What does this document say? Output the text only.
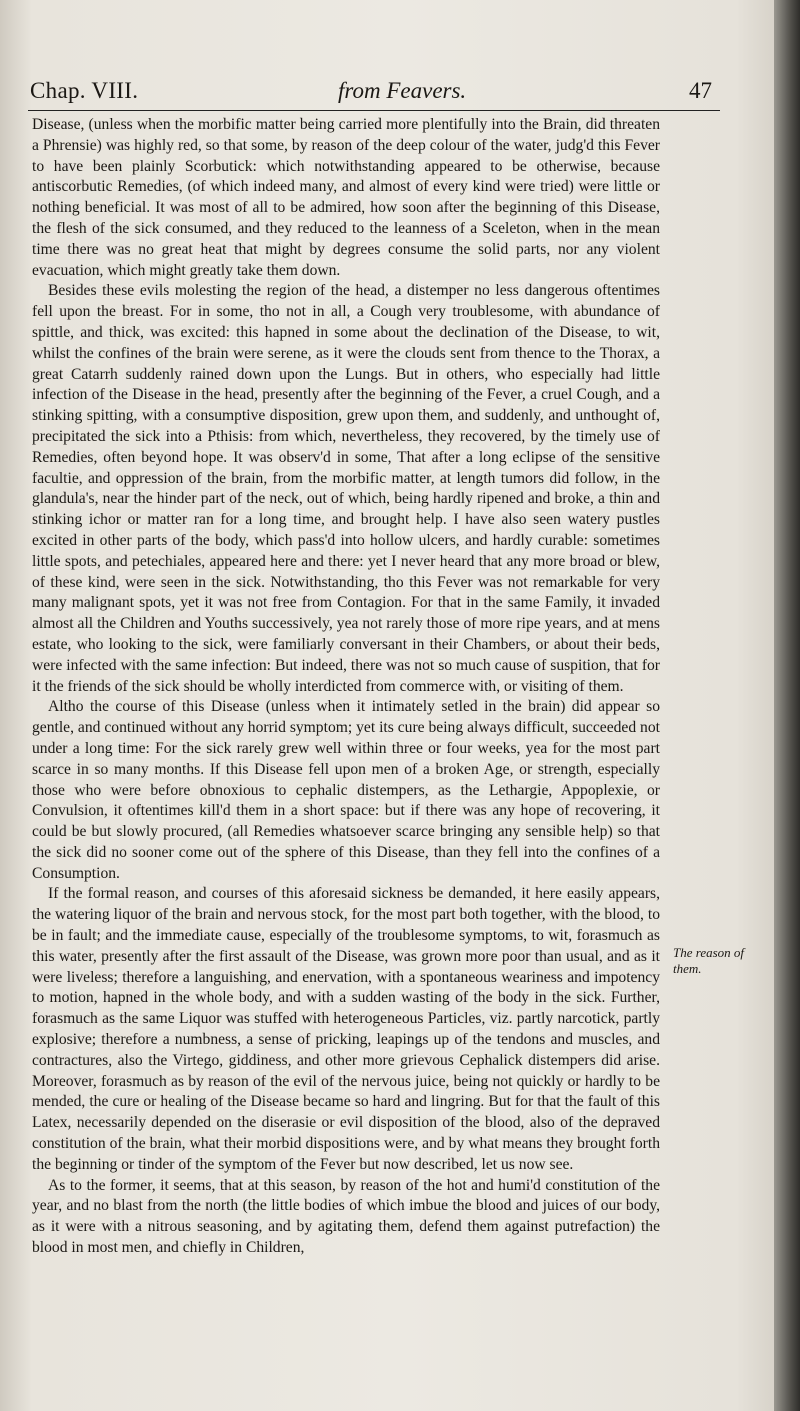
Chap. VIII.	from Feavers.	47

Disease, (unless when the morbific matter being carried more plentifully into the Brain, did threaten a Phrensie) was highly red, so that some, by reason of the deep colour of the water, judg'd this Fever to have been plainly Scorbutick: which notwithstanding appeared to be otherwise, because antiscorbutic Remedies, (of which indeed many, and almost of every kind were tried) were little or nothing beneficial. It was most of all to be admired, how soon after the beginning of this Disease, the flesh of the sick consumed, and they reduced to the leanness of a Sceleton, when in the mean time there was no great heat that might by degrees consume the solid parts, nor any violent evacuation, which might greatly take them down.

Besides these evils molesting the region of the head, a distemper no less dangerous oftentimes fell upon the breast. For in some, tho not in all, a Cough very troublesome, with abundance of spittle, and thick, was excited: this hapned in some about the declination of the Disease, to wit, whilst the confines of the brain were serene, as it were the clouds sent from thence to the Thorax, a great Catarrh suddenly rained down upon the Lungs. But in others, who especially had little infection of the Disease in the head, presently after the beginning of the Fever, a cruel Cough, and a stinking spitting, with a consumptive disposition, grew upon them, and suddenly, and unthought of, precipitated the sick into a Pthisis: from which, nevertheless, they recovered, by the timely use of Remedies, often beyond hope. It was observ'd in some, That after a long eclipse of the sensitive facultie, and oppression of the brain, from the morbific matter, at length tumors did follow, in the glandula's, near the hinder part of the neck, out of which, being hardly ripened and broke, a thin and stinking ichor or matter ran for a long time, and brought help. I have also seen watery pustles excited in other parts of the body, which pass'd into hollow ulcers, and hardly curable: sometimes little spots, and petechiales, appeared here and there: yet I never heard that any more broad or blew, of these kind, were seen in the sick. Notwithstanding, tho this Fever was not remarkable for very many malignant spots, yet it was not free from Contagion. For that in the same Family, it invaded almost all the Children and Youths successively, yea not rarely those of more ripe years, and at mens estate, who looking to the sick, were familiarly conversant in their Chambers, or about their beds, were infected with the same infection: But indeed, there was not so much cause of suspition, that for it the friends of the sick should be wholly interdicted from commerce with, or visiting of them.

Altho the course of this Disease (unless when it intimately setled in the brain) did appear so gentle, and continued without any horrid symptom; yet its cure being always difficult, succeeded not under a long time: For the sick rarely grew well within three or four weeks, yea for the most part scarce in so many months. If this Disease fell upon men of a broken Age, or strength, especially those who were before obnoxious to cephalic distempers, as the Lethargie, Appoplexie, or Convulsion, it oftentimes kill'd them in a short space: but if there was any hope of recovering, it could be but slowly procured, (all Remedies whatsoever scarce bringing any sensible help) so that the sick did no sooner come out of the sphere of this Disease, than they fell into the confines of a Consumption.

If the formal reason, and courses of this aforesaid sickness be demanded, it here easily appears, the watering liquor of the brain and nervous stock, for the most part both together, with the blood, to be in fault; and the immediate cause, especially of the troublesome symptoms, to wit, forasmuch as this water, presently after the first assault of the Disease, was grown more poor than usual, and as it were liveless; therefore a languishing, and enervation, with a spontaneous weariness and impotency to motion, hapned in the whole body, and with a sudden wasting of the body in the sick. Further, forasmuch as the same Liquor was stuffed with heterogeneous Particles, viz. partly narcotick, partly explosive; therefore a numbness, a sense of pricking, leapings up of the tendons and muscles, and contractures, also the Virtego, giddiness, and other more grievous Cephalick distempers did arise. Moreover, forasmuch as by reason of the evil of the nervous juice, being not quickly or hardly to be mended, the cure or healing of the Disease became so hard and lingring. But for that the fault of this Latex, necessarily depended on the diserasie or evil disposition of the blood, also of the depraved constitution of the brain, what their morbid dispositions were, and by what means they brought forth the beginning or tinder of the symptom of the Fever but now described, let us now see.

As to the former, it seems, that at this season, by reason of the hot and humi'd constitution of the year, and no blast from the north (the little bodies of which imbue the blood and juices of our body, as it were with a nitrous seasoning, and by agitating them, defend them against putrefaction) the blood in most men, and chiefly in Children,

The reason of them.
